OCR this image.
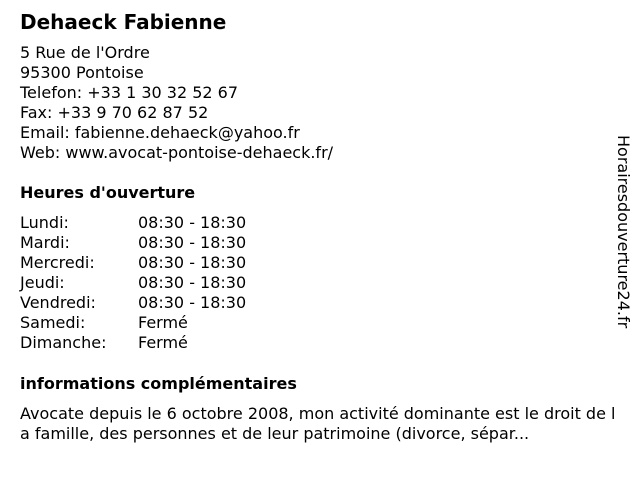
Dehaeck Fabienne
5 Rue de l'Ordre
95300 Pontoise
Telefon: +33 1 30 32 52 67
Fax: +33 9 70 62 87 52
Email: fabienne.dehaeck@yahoo.fr
Web: www.avocat-pontoise-dehaeck.fr/
Heures d'ouverture
Lundi:	08:30 - 18:30
Mardi:	08:30 - 18:30
Mercredi:	08:30 - 18:30
Jeudi:	08:30 - 18:30
Vendredi:	08:30 - 18:30
Samedi:	Fermé
Dimanche: Fermé
informations complémentaires
Avocate depuis le 6 octobre 2008, mon activité dominante est le droit de la famille, des personnes et de leur patrimoine (divorce, sépar...
Horairesdouverture24.fr
